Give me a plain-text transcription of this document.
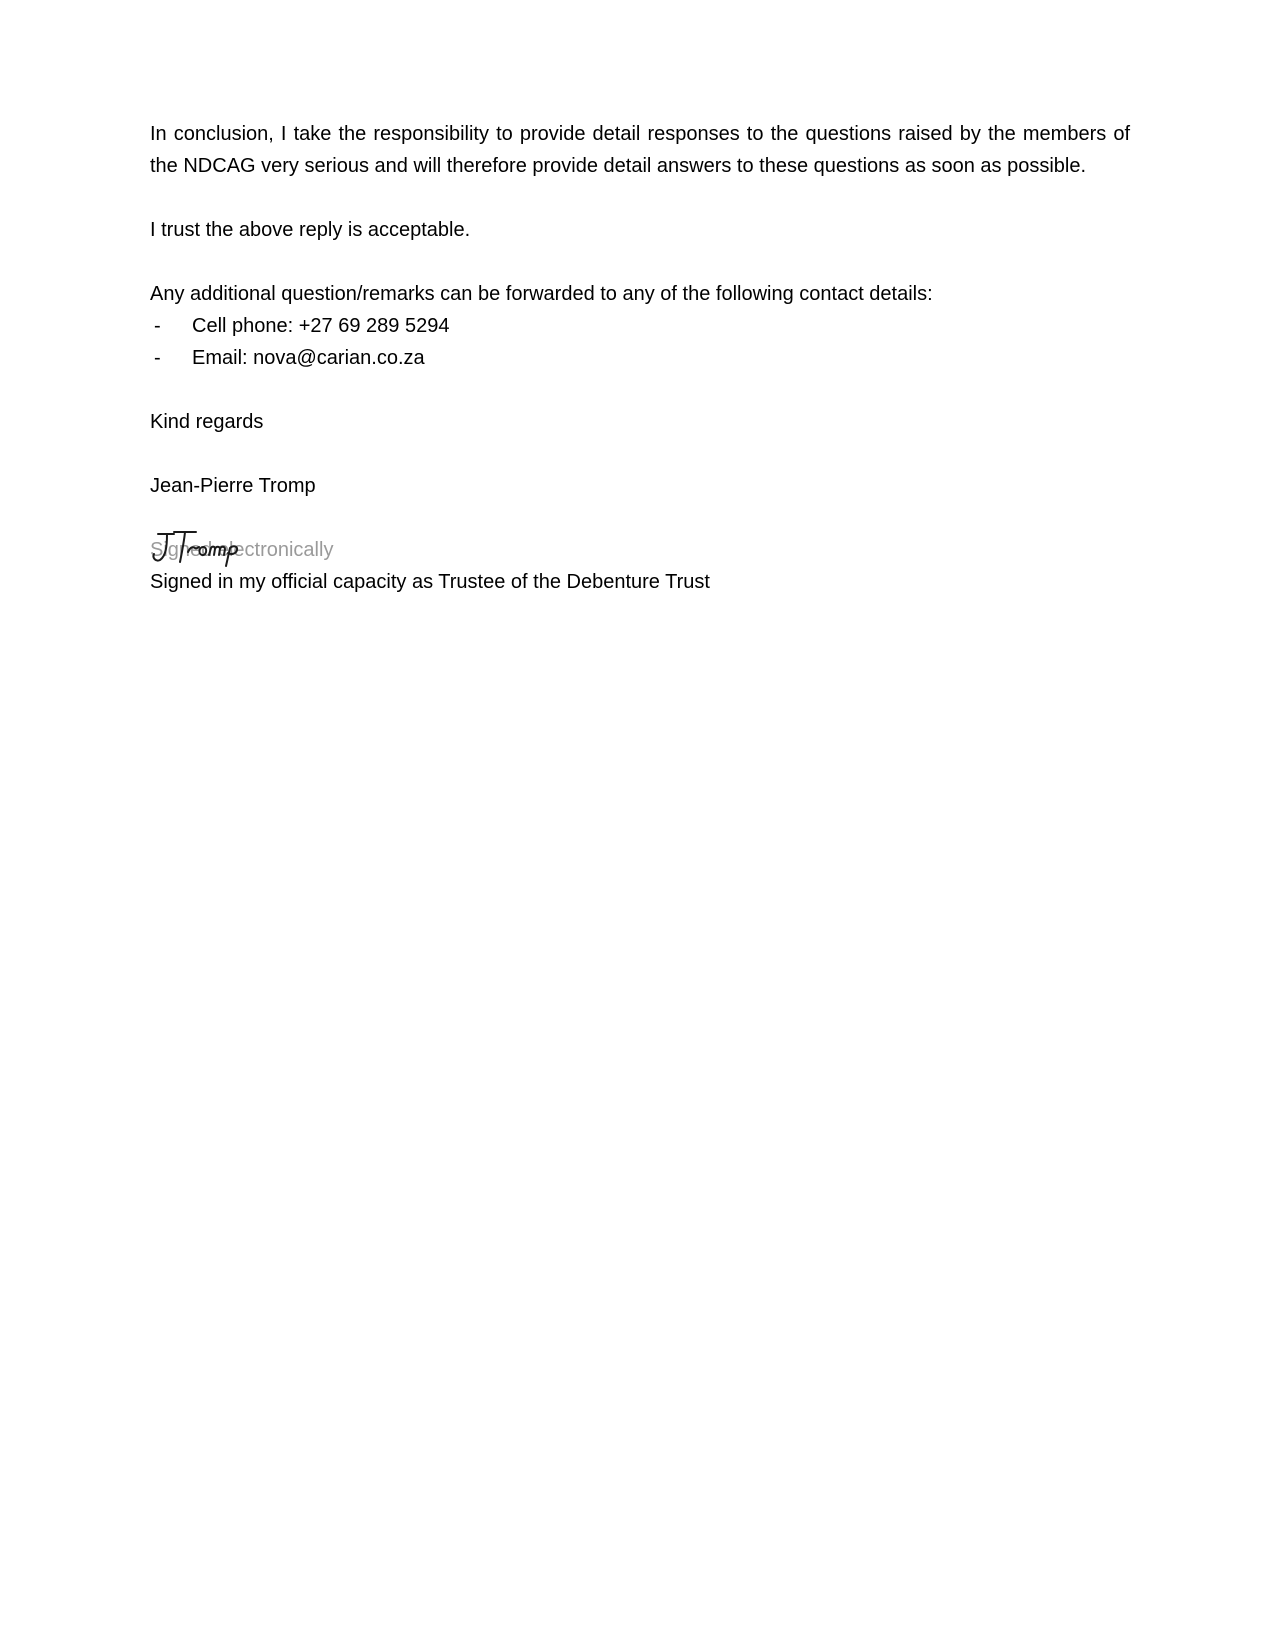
In conclusion, I take the responsibility to provide detail responses to the questions raised by the members of the NDCAG very serious and will therefore provide detail answers to these questions as soon as possible.

I trust the above reply is acceptable.

Any additional question/remarks can be forwarded to any of the following contact details:

- Cell phone: +27 69 289 5294
- Email: nova@carian.co.za

Kind regards

Jean-Pierre Tromp

Signed electronically

Signed in my official capacity as Trustee of the Debenture Trust
